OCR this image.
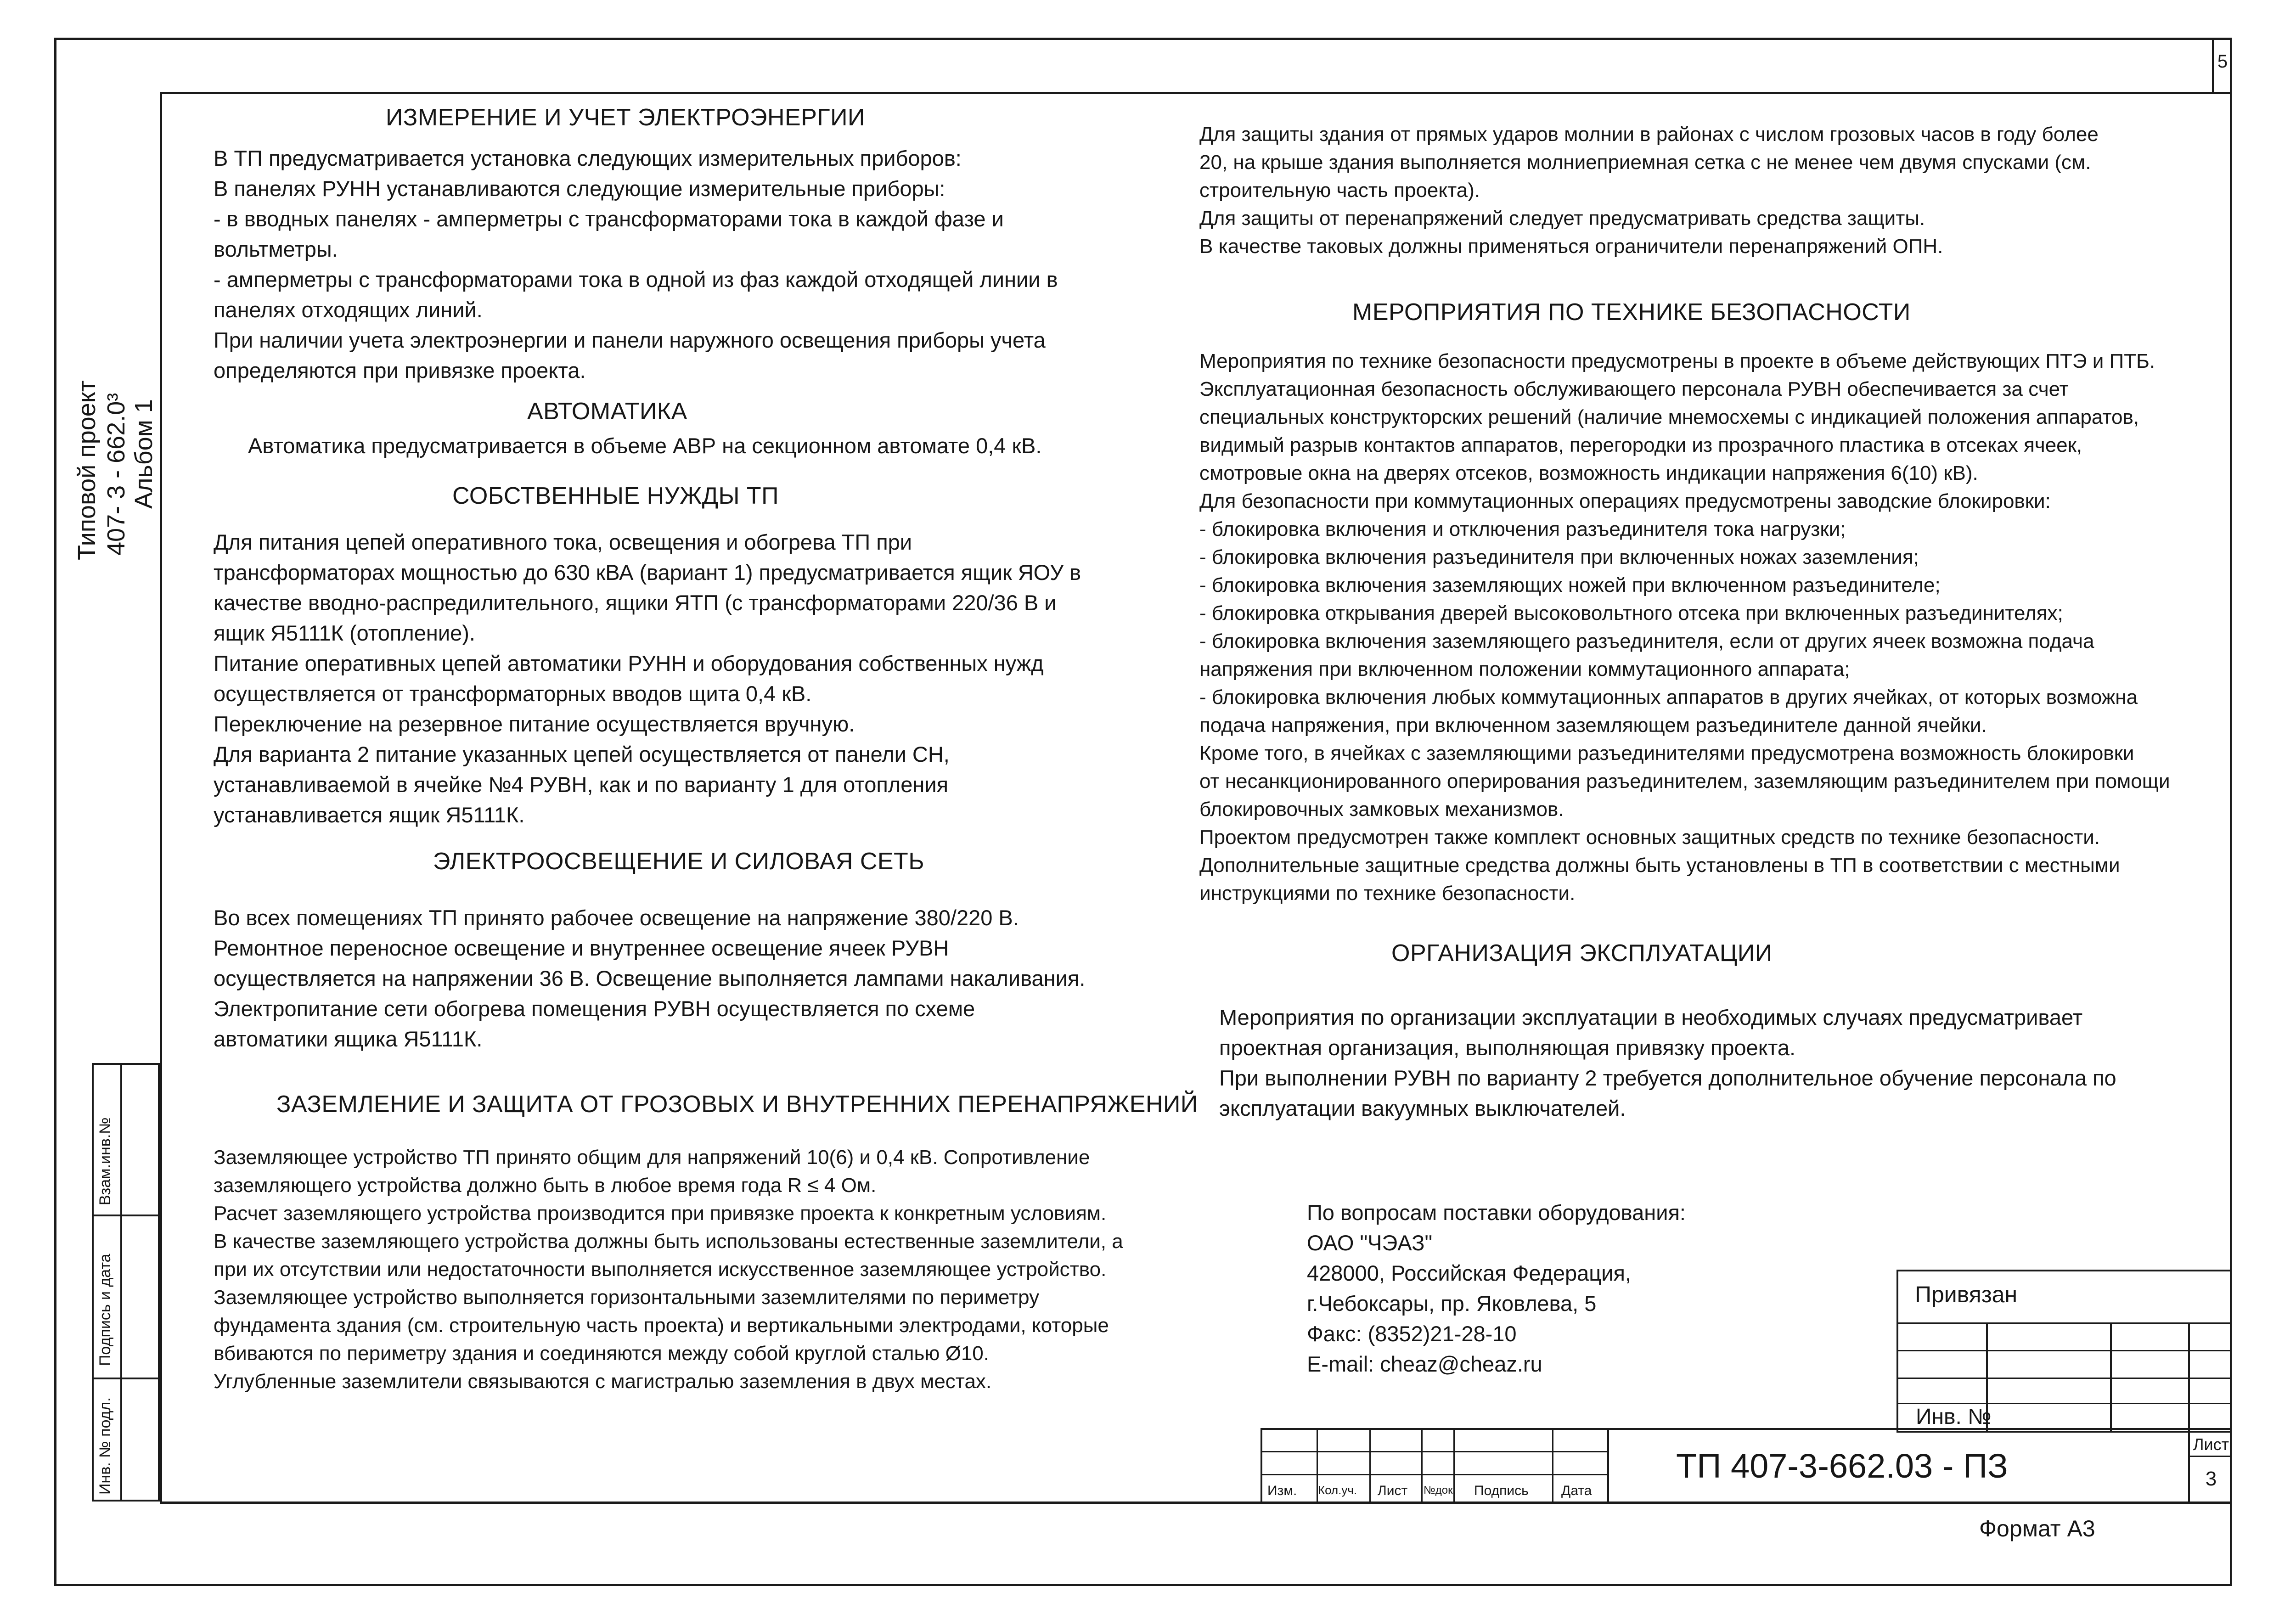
5
Типовой проект 407- 3 - 662.0³ Альбом 1
Взам.инв.№
Подпись и дата
Инв. № подл.
ИЗМЕРЕНИЕ И УЧЕТ ЭЛЕКТРОЭНЕРГИИ
В ТП предусматривается установка следующих измерительных приборов:
В панелях РУНН устанавливаются следующие измерительные приборы:
- в вводных панелях - амперметры с трансформаторами тока в каждой фазе и
вольтметры.
- амперметры с трансформаторами тока в одной из фаз каждой отходящей линии в
панелях отходящих линий.
При наличии учета электроэнергии и панели наружного освещения приборы учета
определяются при привязке проекта.
АВТОМАТИКА
Автоматика предусматривается в объеме АВР на секционном автомате 0,4 кВ.
СОБСТВЕННЫЕ НУЖДЫ ТП
Для питания цепей оперативного тока, освещения и обогрева ТП при
трансформаторах мощностью до 630 кВА (вариант 1) предусматривается ящик ЯОУ в
качестве вводно-распредилительного, ящики ЯТП (с трансформаторами 220/36 В и
ящик Я5111К (отопление).
Питание оперативных цепей автоматики РУНН и оборудования собственных нужд
осуществляется от трансформаторных вводов щита 0,4 кВ.
Переключение на резервное питание осуществляется вручную.
Для варианта 2 питание указанных цепей осуществляется от панели СН,
устанавливаемой в ячейке №4 РУВН, как и по варианту 1 для отопления
устанавливается ящик Я5111К.
ЭЛЕКТРООСВЕЩЕНИЕ И СИЛОВАЯ СЕТЬ
Во всех помещениях ТП принято рабочее освещение на напряжение 380/220 В.
Ремонтное переносное освещение и внутреннее освещение ячеек РУВН
осуществляется на напряжении 36 В. Освещение выполняется лампами накаливания.
Электропитание сети обогрева помещения РУВН осуществляется по схеме
автоматики ящика Я5111К.
ЗАЗЕМЛЕНИЕ И ЗАЩИТА ОТ ГРОЗОВЫХ И ВНУТРЕННИХ ПЕРЕНАПРЯЖЕНИЙ
Заземляющее устройство ТП принято общим для напряжений 10(6) и 0,4 кВ. Сопротивление
заземляющего устройства должно быть в любое время года R ≤ 4 Ом.
Расчет заземляющего устройства производится при привязке проекта к конкретным условиям.
В качестве заземляющего устройства должны быть использованы естественные заземлители, а
при их отсутствии или недостаточности выполняется искусственное заземляющее устройство.
Заземляющее устройство выполняется горизонтальными заземлителями по периметру
фундамента здания (см. строительную часть проекта) и вертикальными электродами, которые
вбиваются по периметру здания и соединяются между собой круглой сталью Ø10.
Углубленные заземлители связываются с магистралью заземления в двух местах.
Для защиты здания от прямых ударов молнии в районах с числом грозовых часов в году более
20, на крыше здания выполняется молниеприемная сетка с не менее чем двумя спусками (см.
строительную часть проекта).
Для защиты от перенапряжений следует предусматривать средства защиты.
В качестве таковых должны применяться ограничители перенапряжений ОПН.
МЕРОПРИЯТИЯ ПО ТЕХНИКЕ БЕЗОПАСНОСТИ
Мероприятия по технике безопасности предусмотрены в проекте в объеме действующих ПТЭ и ПТБ.
Эксплуатационная безопасность обслуживающего персонала РУВН обеспечивается за счет
специальных конструкторских решений (наличие мнемосхемы с индикацией положения аппаратов,
видимый разрыв контактов аппаратов, перегородки из прозрачного пластика в отсеках ячеек,
смотровые окна на дверях отсеков, возможность индикации напряжения 6(10) кВ).
Для безопасности при коммутационных операциях предусмотрены заводские блокировки:
- блокировка включения и отключения разъединителя тока нагрузки;
- блокировка включения разъединителя при включенных ножах заземления;
- блокировка включения заземляющих ножей при включенном разъединителе;
- блокировка открывания дверей высоковольтного отсека при включенных разъединителях;
- блокировка включения заземляющего разъединителя, если от других ячеек возможна подача
напряжения при включенном положении коммутационного аппарата;
- блокировка включения любых коммутационных аппаратов в других ячейках, от которых возможна
подача напряжения, при включенном заземляющем разъединителе данной ячейки.
Кроме того, в ячейках с заземляющими разъединителями предусмотрена возможность блокировки
от несанкционированного оперирования разъединителем, заземляющим разъединителем при помощи
блокировочных замковых механизмов.
Проектом предусмотрен также комплект основных защитных средств по технике безопасности.
Дополнительные защитные средства должны быть установлены в ТП в соответствии с местными
инструкциями по технике безопасности.
ОРГАНИЗАЦИЯ ЭКСПЛУАТАЦИИ
Мероприятия по организации эксплуатации в необходимых случаях предусматривает
проектная организация, выполняющая привязку проекта.
При выполнении РУВН по варианту 2 требуется дополнительное обучение персонала по
эксплуатации вакуумных выключателей.
По вопросам поставки оборудования:
ОАО "ЧЭАЗ"
428000, Российская Федерация,
г.Чебоксары, пр. Яковлева, 5
Факс: (8352)21-28-10
E-mail: cheaz@cheaz.ru
Привязан
Инв. №
Изм. Кол.уч. Лист №док. Подпись Дата
ТП 407-3-662.03 - ПЗ
Лист
3
Формат А3
